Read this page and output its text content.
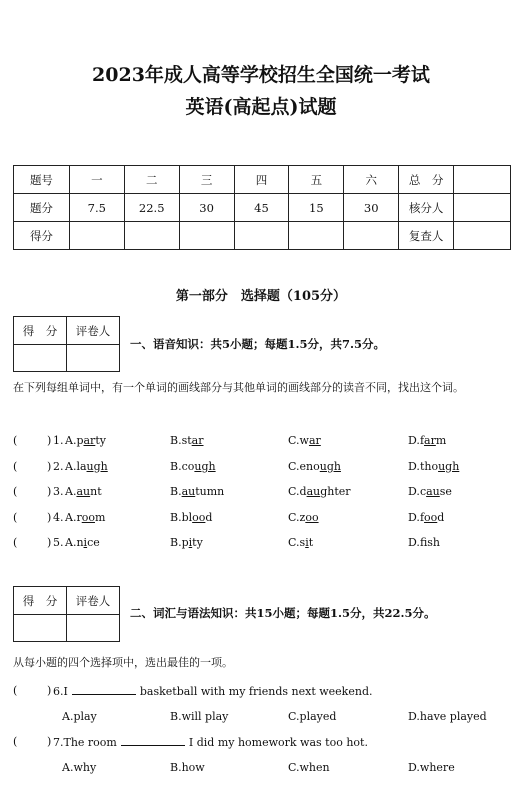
2023年成人高等学校招生全国统一考试
英语(高起点)试题
题号	一	二	三	四	五	六	总　分	
题分	7.5	22.5	30	45	15	30	核分人	
得分							复查人	
第一部分　选择题（105分）
得　分	评卷人

一、语音知识：共5小题；每题1.5分，共7.5分。
在下列每组单词中，有一个单词的画线部分与其他单词的画线部分的读音不同，找出这个词。
(	) 1. A.party	B.star	C.war	D.farm
(	) 2. A.laugh	B.cough	C.enough	D.though
(	) 3. A.aunt	B.autumn	C.daughter	D.cause
(	) 4. A.room	B.blood	C.zoo	D.food
(	) 5. A.nice	B.pity	C.sit	D.fsh
得　分	评卷人

二、词汇与语法知识：共15小题；每题1.5分，共22.5分。
从每小题的四个选择项中，选出最佳的一项。
(	) 6.I	basketball with my friends next weekend.
A.play	B.will play	C.played	D.have played
(	) 7.The room	I did my homework was too hot.
A.why	B.how	C.when	D.where
